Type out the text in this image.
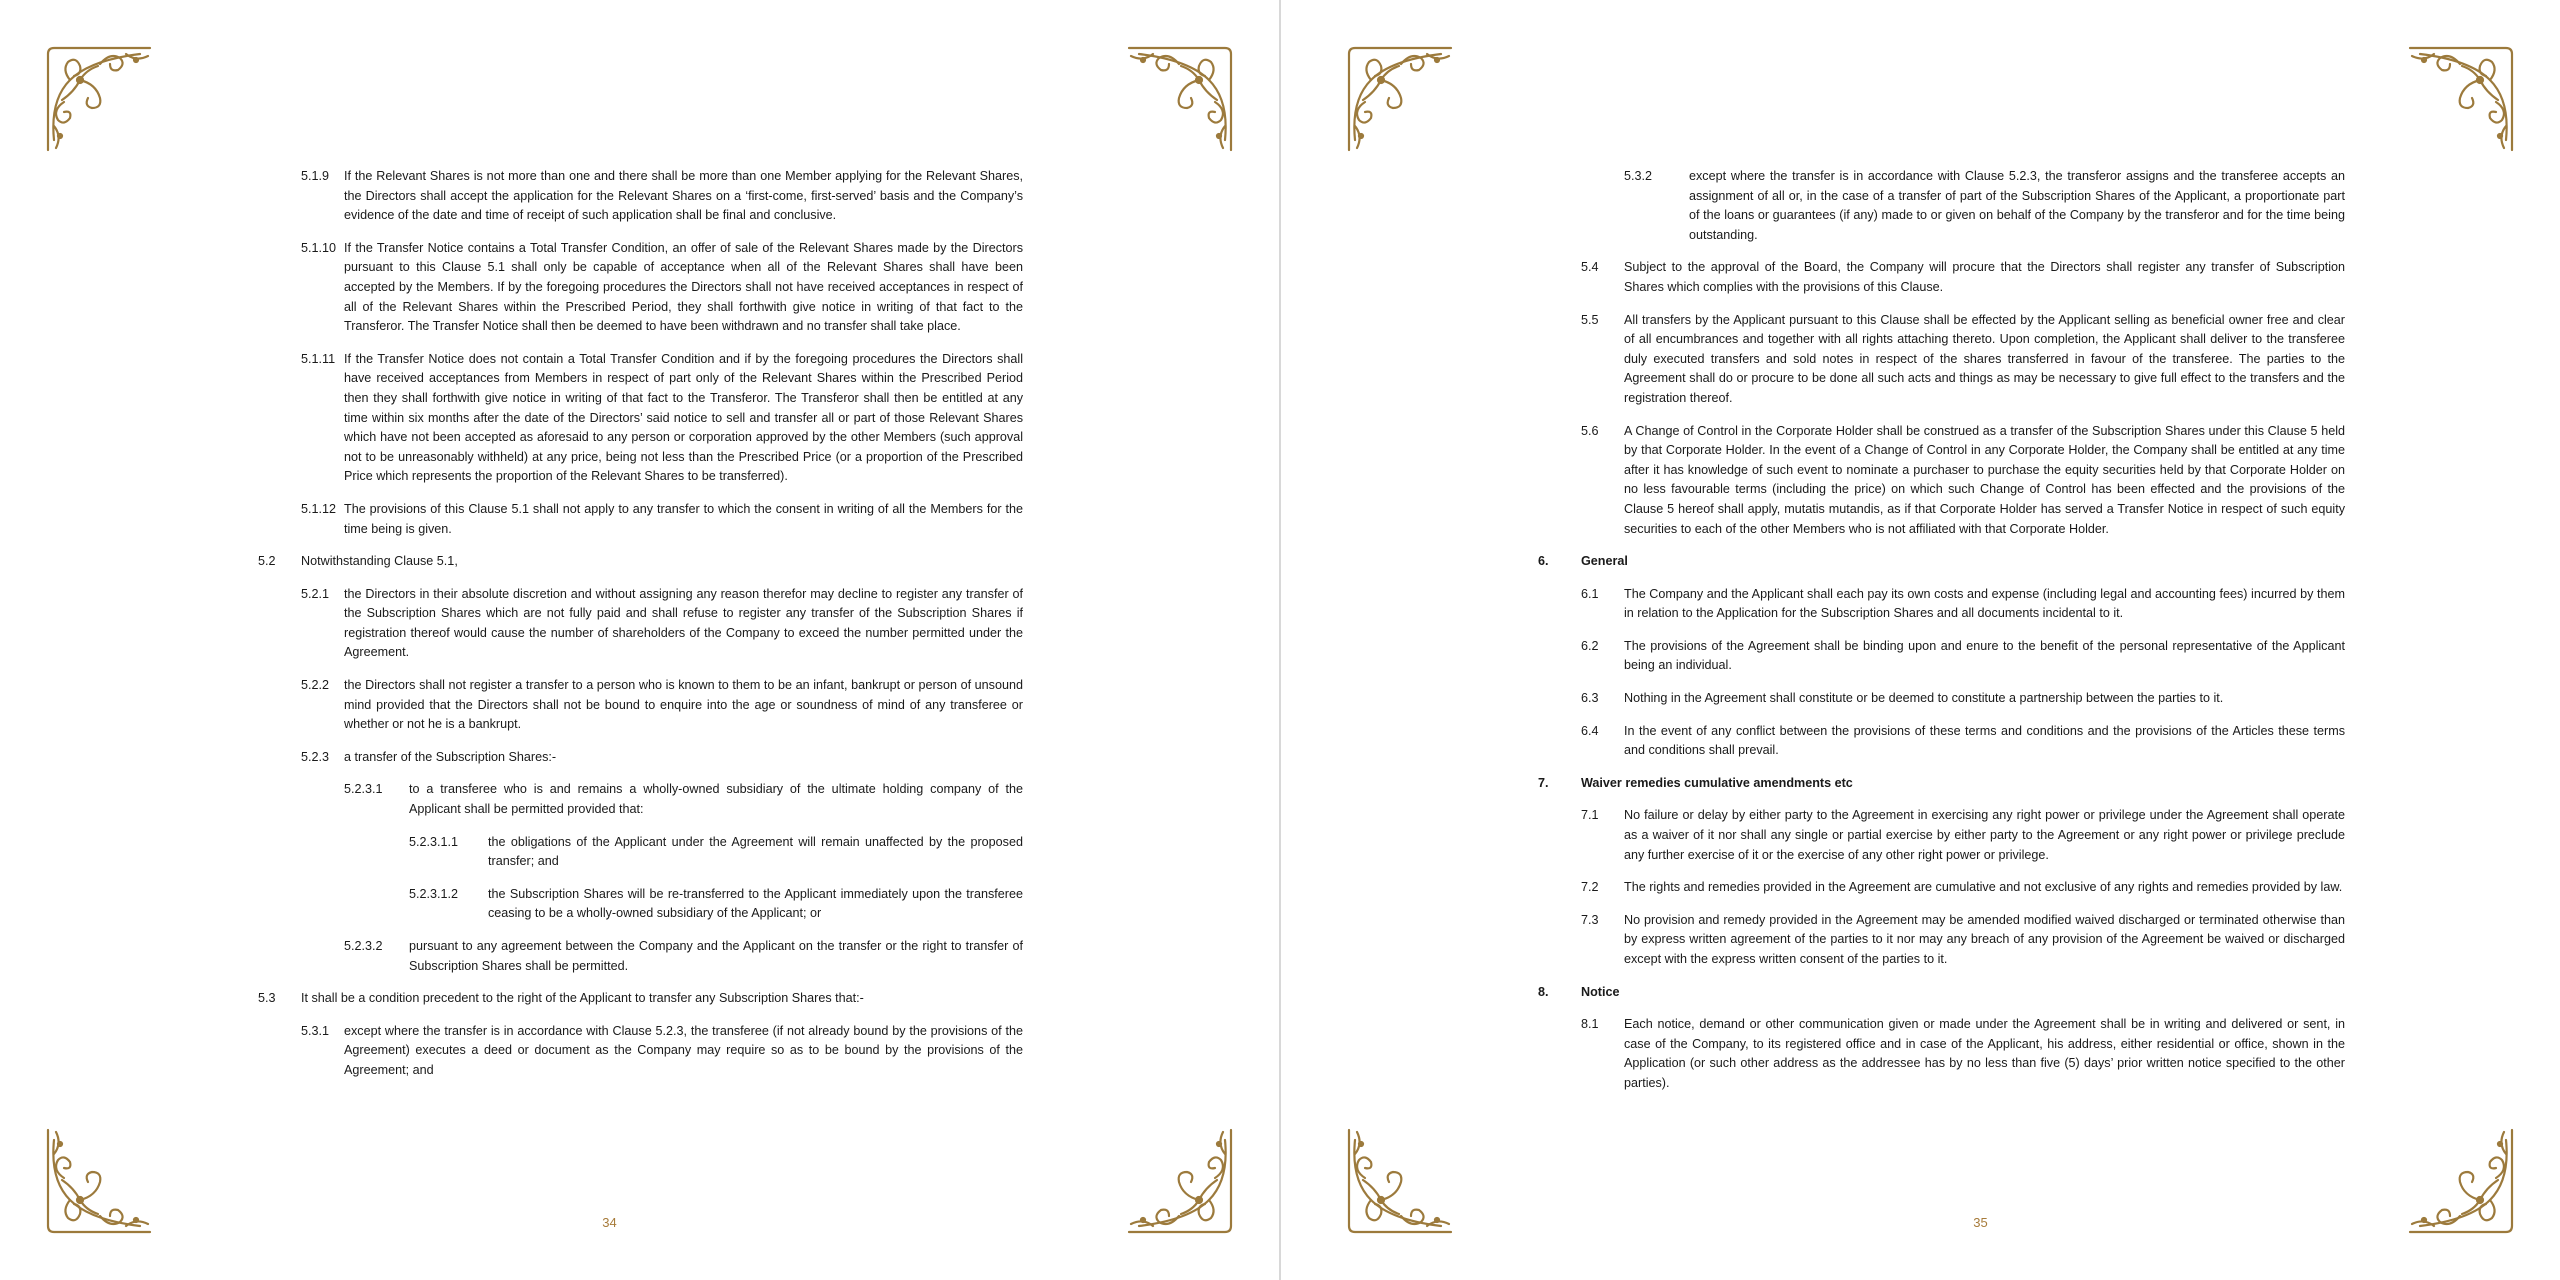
5.1.9 If the Relevant Shares is not more than one and there shall be more than one Member applying for the Relevant Shares, the Directors shall accept the application for the Relevant Shares on a ‘first-come, first-served’ basis and the Company’s evidence of the date and time of receipt of such application shall be final and conclusive.
5.1.10 If the Transfer Notice contains a Total Transfer Condition, an offer of sale of the Relevant Shares made by the Directors pursuant to this Clause 5.1 shall only be capable of acceptance when all of the Relevant Shares shall have been accepted by the Members. If by the foregoing procedures the Directors shall not have received acceptances in respect of all of the Relevant Shares within the Prescribed Period, they shall forthwith give notice in writing of that fact to the Transferor. The Transfer Notice shall then be deemed to have been withdrawn and no transfer shall take place.
5.1.11 If the Transfer Notice does not contain a Total Transfer Condition and if by the foregoing procedures the Directors shall have received acceptances from Members in respect of part only of the Relevant Shares within the Prescribed Period then they shall forthwith give notice in writing of that fact to the Transferor. The Transferor shall then be entitled at any time within six months after the date of the Directors’ said notice to sell and transfer all or part of those Relevant Shares which have not been accepted as aforesaid to any person or corporation approved by the other Members (such approval not to be unreasonably withheld) at any price, being not less than the Prescribed Price (or a proportion of the Prescribed Price which represents the proportion of the Relevant Shares to be transferred).
5.1.12 The provisions of this Clause 5.1 shall not apply to any transfer to which the consent in writing of all the Members for the time being is given.
5.2 Notwithstanding Clause 5.1,
5.2.1 the Directors in their absolute discretion and without assigning any reason therefor may decline to register any transfer of the Subscription Shares which are not fully paid and shall refuse to register any transfer of the Subscription Shares if registration thereof would cause the number of shareholders of the Company to exceed the number permitted under the Agreement.
5.2.2 the Directors shall not register a transfer to a person who is known to them to be an infant, bankrupt or person of unsound mind provided that the Directors shall not be bound to enquire into the age or soundness of mind of any transferee or whether or not he is a bankrupt.
5.2.3 a transfer of the Subscription Shares:-
5.2.3.1 to a transferee who is and remains a wholly-owned subsidiary of the ultimate holding company of the Applicant shall be permitted provided that:
5.2.3.1.1 the obligations of the Applicant under the Agreement will remain unaffected by the proposed transfer; and
5.2.3.1.2 the Subscription Shares will be re-transferred to the Applicant immediately upon the transferee ceasing to be a wholly-owned subsidiary of the Applicant; or
5.2.3.2 pursuant to any agreement between the Company and the Applicant on the transfer or the right to transfer of Subscription Shares shall be permitted.
5.3 It shall be a condition precedent to the right of the Applicant to transfer any Subscription Shares that:-
5.3.1 except where the transfer is in accordance with Clause 5.2.3, the transferee (if not already bound by the provisions of the Agreement) executes a deed or document as the Company may require so as to be bound by the provisions of the Agreement; and
34
5.3.2	except where the transfer is in accordance with Clause 5.2.3, the transferor assigns and the transferee accepts an assignment of all or, in the case of a transfer of part of the Subscription Shares of the Applicant, a proportionate part of the loans or guarantees (if any) made to or given on behalf of the Company by the transferor and for the time being outstanding.
5.4 Subject to the approval of the Board, the Company will procure that the Directors shall register any transfer of Subscription Shares which complies with the provisions of this Clause.
5.5 All transfers by the Applicant pursuant to this Clause shall be effected by the Applicant selling as beneficial owner free and clear of all encumbrances and together with all rights attaching thereto. Upon completion, the Applicant shall deliver to the transferee duly executed transfers and sold notes in respect of the shares transferred in favour of the transferee. The parties to the Agreement shall do or procure to be done all such acts and things as may be necessary to give full effect to the transfers and the registration thereof.
5.6 A Change of Control in the Corporate Holder shall be construed as a transfer of the Subscription Shares under this Clause 5 held by that Corporate Holder. In the event of a Change of Control in any Corporate Holder, the Company shall be entitled at any time after it has knowledge of such event to nominate a purchaser to purchase the equity securities held by that Corporate Holder on no less favourable terms (including the price) on which such Change of Control has been effected and the provisions of the Clause 5 hereof shall apply, mutatis mutandis, as if that Corporate Holder has served a Transfer Notice in respect of such equity securities to each of the other Members who is not affiliated with that Corporate Holder.
6.	General
6.1 The Company and the Applicant shall each pay its own costs and expense (including legal and accounting fees) incurred by them in relation to the Application for the Subscription Shares and all documents incidental to it.
6.2 The provisions of the Agreement shall be binding upon and enure to the benefit of the personal representative of the Applicant being an individual.
6.3 Nothing in the Agreement shall constitute or be deemed to constitute a partnership between the parties to it.
6.4 In the event of any conflict between the provisions of these terms and conditions and the provisions of the Articles these terms and conditions shall prevail.
7.	Waiver remedies cumulative amendments etc
7.1 No failure or delay by either party to the Agreement in exercising any right power or privilege under the Agreement shall operate as a waiver of it nor shall any single or partial exercise by either party to the Agreement or any right power or privilege preclude any further exercise of it or the exercise of any other right power or privilege.
7.2 The rights and remedies provided in the Agreement are cumulative and not exclusive of any rights and remedies provided by law.
7.3 No provision and remedy provided in the Agreement may be amended modified waived discharged or terminated otherwise than by express written agreement of the parties to it nor may any breach of any provision of the Agreement be waived or discharged except with the express written consent of the parties to it.
8.	Notice
8.1 Each notice, demand or other communication given or made under the Agreement shall be in writing and delivered or sent, in case of the Company, to its registered office and in case of the Applicant, his address, either residential or office, shown in the Application (or such other address as the addressee has by no less than five (5) days’ prior written notice specified to the other parties).
35
